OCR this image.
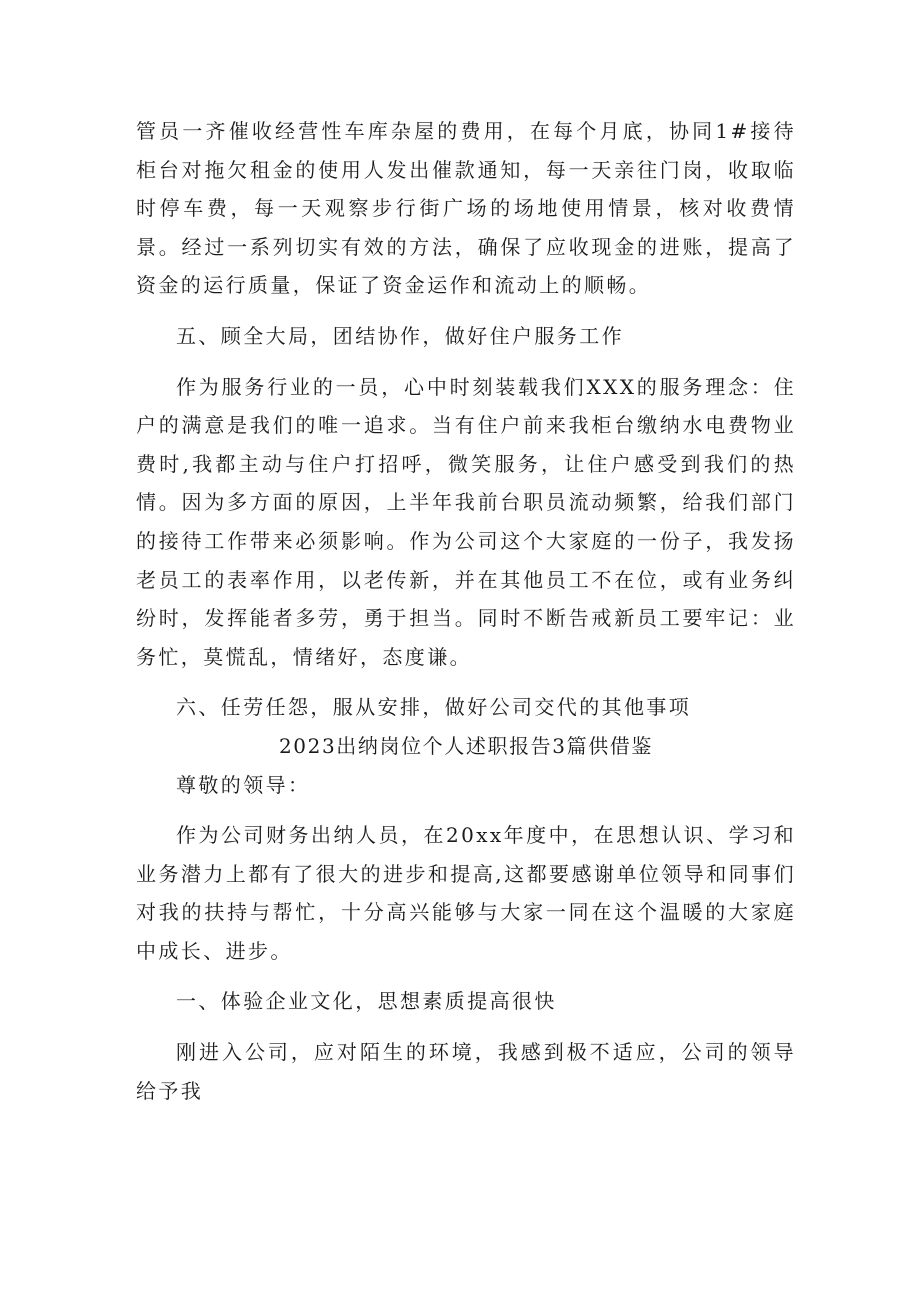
管员一齐催收经营性车库杂屋的费用，在每个月底，协同1#接待柜台对拖欠租金的使用人发出催款通知，每一天亲往门岗，收取临时停车费，每一天观察步行街广场的场地使用情景，核对收费情景。经过一系列切实有效的方法，确保了应收现金的进账，提高了资金的运行质量，保证了资金运作和流动上的顺畅。

五、顾全大局，团结协作，做好住户服务工作

作为服务行业的一员，心中时刻装载我们XXX的服务理念：住户的满意是我们的唯一追求。当有住户前来我柜台缴纳水电费物业费时,我都主动与住户打招呼，微笑服务，让住户感受到我们的热情。因为多方面的原因，上半年我前台职员流动频繁，给我们部门的接待工作带来必须影响。作为公司这个大家庭的一份子，我发扬老员工的表率作用，以老传新，并在其他员工不在位，或有业务纠纷时，发挥能者多劳，勇于担当。同时不断告戒新员工要牢记：业务忙，莫慌乱，情绪好，态度谦。

六、任劳任怨，服从安排，做好公司交代的其他事项

2023出纳岗位个人述职报告3篇供借鉴

尊敬的领导：

作为公司财务出纳人员，在20xx年度中，在思想认识、学习和业务潜力上都有了很大的进步和提高,这都要感谢单位领导和同事们对我的扶持与帮忙，十分高兴能够与大家一同在这个温暖的大家庭中成长、进步。

一、体验企业文化，思想素质提高很快

刚进入公司，应对陌生的环境，我感到极不适应，公司的领导给予我
